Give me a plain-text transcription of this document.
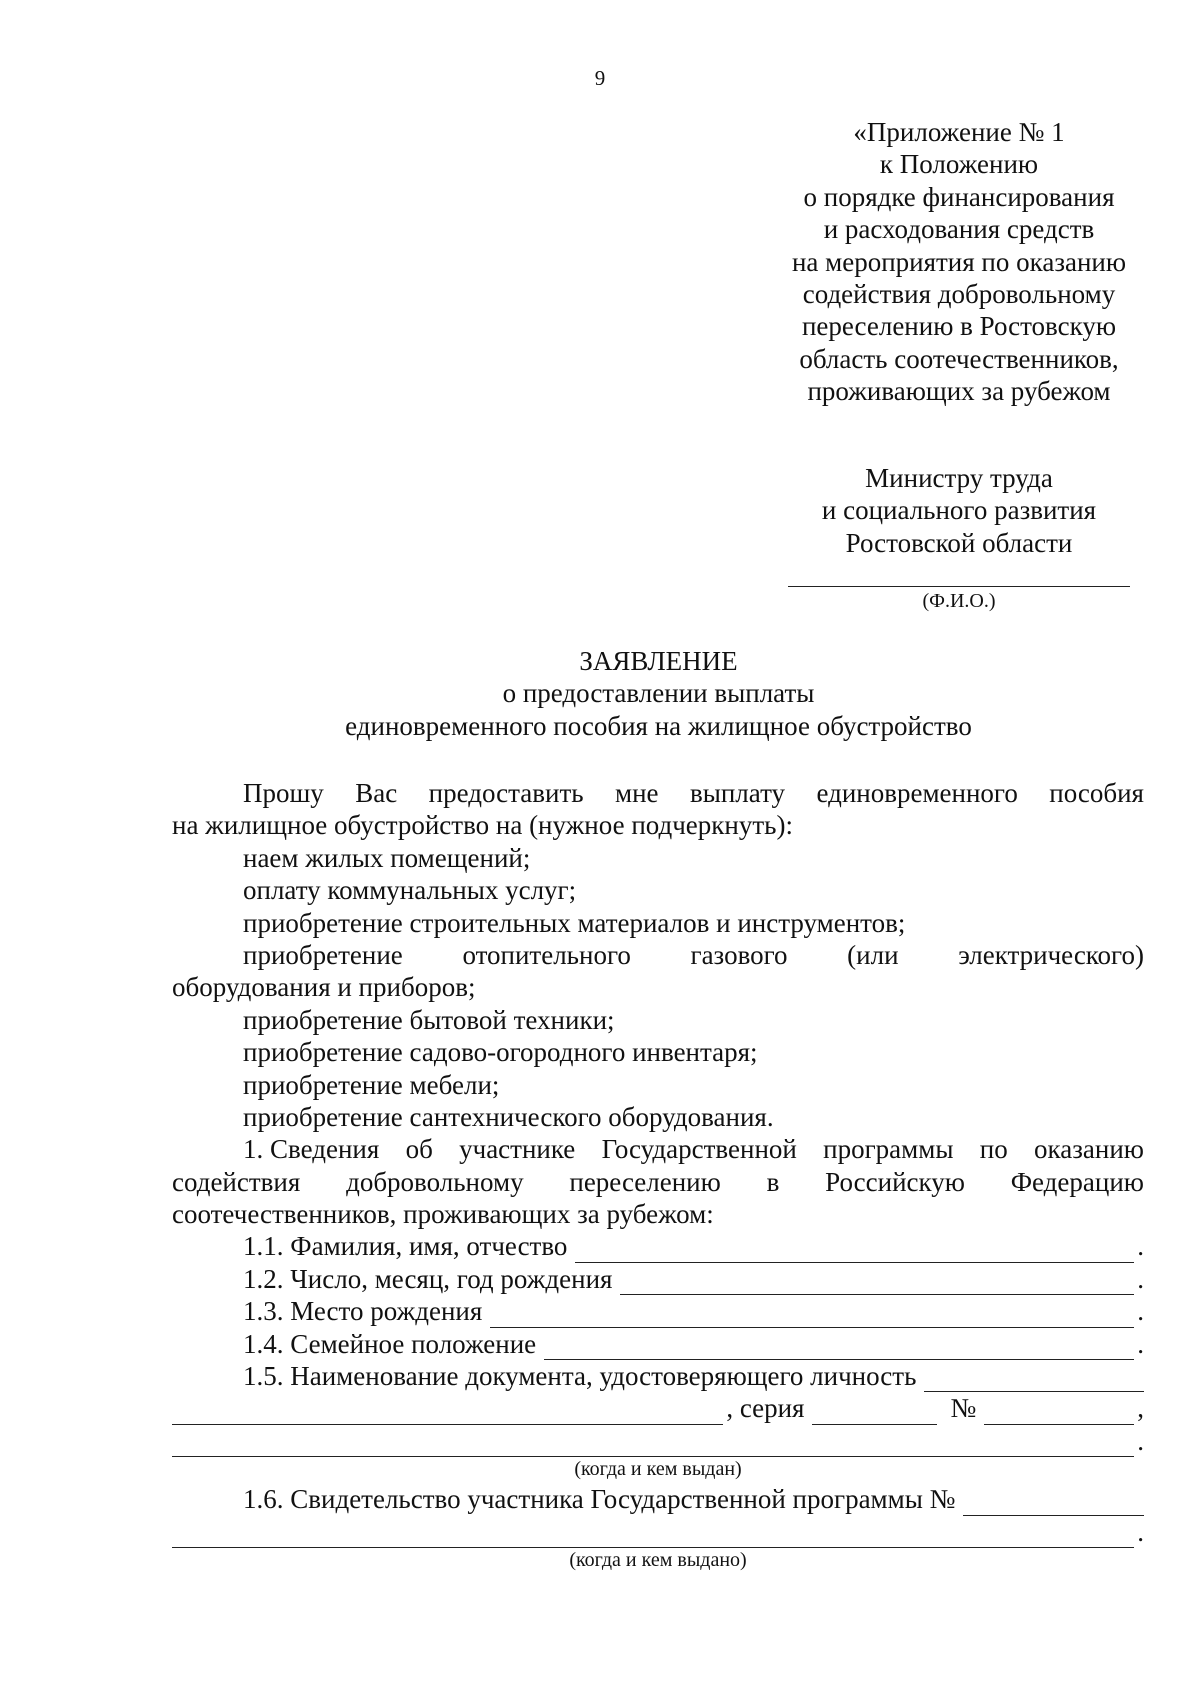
9
«Приложение № 1
к Положению
о порядке финансирования
и расходования средств
на мероприятия по оказанию
содействия добровольному
переселению в Ростовскую
область соотечественников,
проживающих за рубежом
Министру труда
и социального развития
Ростовской области
(Ф.И.О.)
ЗАЯВЛЕНИЕ
о предоставлении выплаты
единовременного пособия на жилищное обустройство
Прошу Вас предоставить мне выплату единовременного пособия
на жилищное обустройство на (нужное подчеркнуть):
наем жилых помещений;
оплату коммунальных услуг;
приобретение строительных материалов и инструментов;
приобретение отопительного газового (или электрического)
оборудования и приборов;
приобретение бытовой техники;
приобретение садово-огородного инвентаря;
приобретение мебели;
приобретение сантехнического оборудования.
1. Сведения об участнике Государственной программы по оказанию
содействия добровольному переселению в Российскую Федерацию
соотечественников, проживающих за рубежом:
1.1. Фамилия, имя, отчество	.
1.2. Число, месяц, год рождения	.
1.3. Место рождения	.
1.4. Семейное положение	.
1.5. Наименование документа, удостоверяющего личность
, серия	№	,
.
(когда и кем выдан)
1.6. Свидетельство участника Государственной программы №
.
(когда и кем выдано)
